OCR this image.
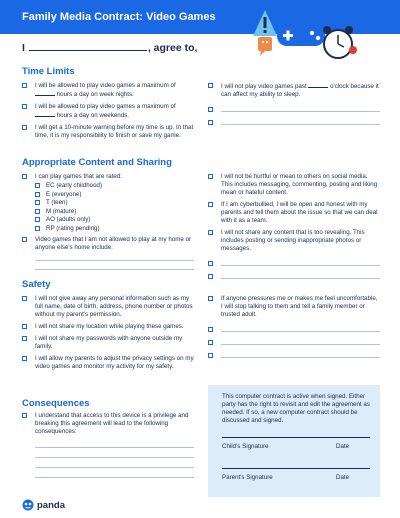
Family Media Contract: Video Games
I	, agree to,
Time Limits
I will be allowed to play video games a maximum of  hours a day on week nights.
I will be allowed to play video games a maximum of  hours a day on weekends.
I will get a 10-minute warning before my time is up. In that time, it is my responsibility to finish or save my game.
I will not play video games past	o'clock because it can affect my ability to sleep.
Appropriate Content and Sharing
I can play games that are rated:
EC (early childhood)
E (everyone)
T (teen)
M (mature)
AO (adults only)
RP (rating pending)
Video games that I am not allowed to play at my home or anyone else's home include:
I will not be hurtful or mean to others on social media. This includes messaging, commenting, posting and liking mean or hateful content.
If I am cyberbullied, I will be open and honest with my parents and tell them about the issue so that we can deal with it as a team.
I will not share any content that is too revealing. This includes posting or sending inappropriate photos or messages.
Safety
I will not give away any personal information such as my full name, date of birth, address, phone number or photos without my parent's permission.
I will not share my location while playing these games.
I will not share my passwords with anyone outside my family.
I will allow my parents to adjust the privacy settings on my video games and monitor my activity for my safety.
If anyone pressures me or makes me feel uncomfortable, I will stop talking to them and tell a family member or trusted adult.
Consequences
I understand that access to this device is a privilege and breaking this agreement will lead to the following consequences:
This computer contract is active when signed. Either party has the right to revisit and edit the agreement as needed. If so, a new computer contract should be discussed and signed.
Child's Signature	Date
Parent's Signature	Date
panda
